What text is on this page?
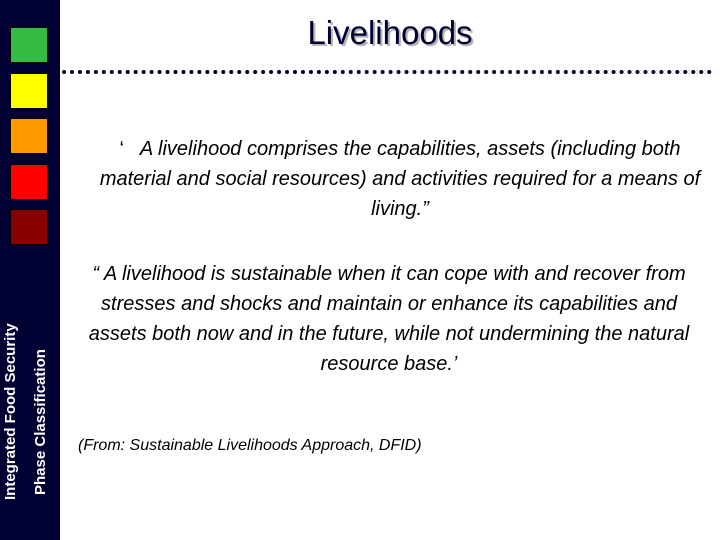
Integrated Food Security Phase Classification
Livelihoods
‘ A livelihood comprises the capabilities, assets (including both material and social resources) and activities required for a means of living.”
“ A livelihood is sustainable when it can cope with and recover from stresses and shocks and maintain or enhance its capabilities and assets both now and in the future, while not undermining the natural resource base.’
(From: Sustainable Livelihoods Approach, DFID)
